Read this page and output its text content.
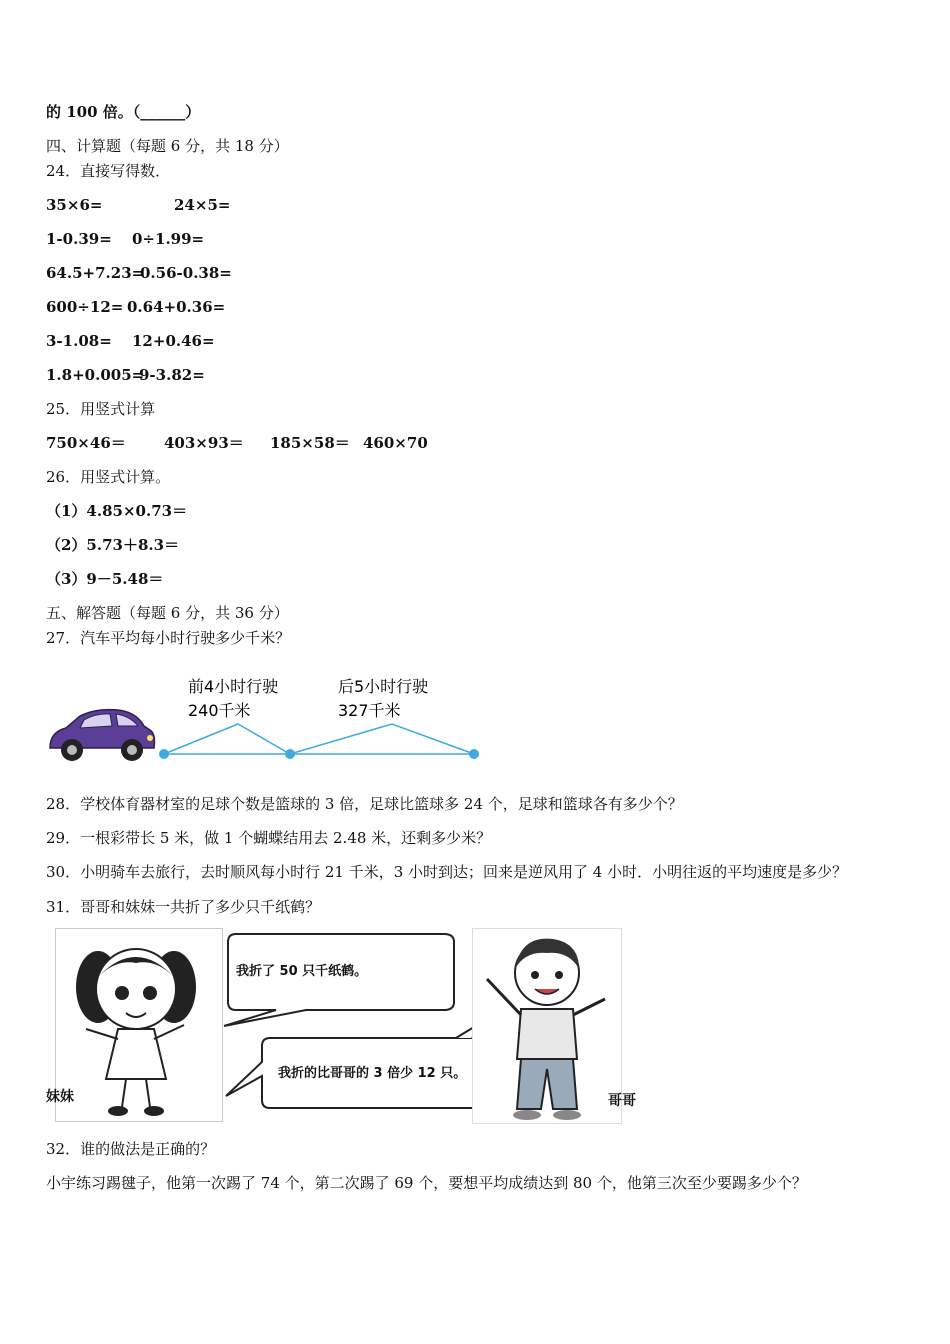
的 100 倍。（______）
四、计算题（每题 6 分，共 18 分）
24．直接写得数．
35×6=	24×5=
1-0.39= 0÷1.99=
64.5+7.23=0.56-0.38=
600÷12= 0.64+0.36=
3-1.08= 12+0.46=
1.8+0.005=9-3.82=
25．用竖式计算
750×46＝	403×93＝ 185×58＝ 460×70
26．用竖式计算。
（1）4.85×0.73＝
（2）5.73＋8.3＝
（3）9－5.48＝
五、解答题（每题 6 分，共 36 分）
27．汽车平均每小时行驶多少千米？
前4小时行驶
240千米
后5小时行驶
327千米
28．学校体育器材室的足球个数是篮球的 3 倍，足球比篮球多 24 个，足球和篮球各有多少个？
29．一根彩带长 5 米，做 1 个蝴蝶结用去 2.48 米，还剩多少米？
30．小明骑车去旅行，去时顺风每小时行 21 千米，3 小时到达；回来是逆风用了 4 小时．小明往返的平均速度是多少？
31．哥哥和妹妹一共折了多少只千纸鹤？
妹妹
我折了 50 只千纸鹤。
我折的比哥哥的 3 倍少 12 只。
哥哥
32．谁的做法是正确的？
小宇练习踢毽子，他第一次踢了 74 个，第二次踢了 69 个，要想平均成绩达到 80 个，他第三次至少要踢多少个？
